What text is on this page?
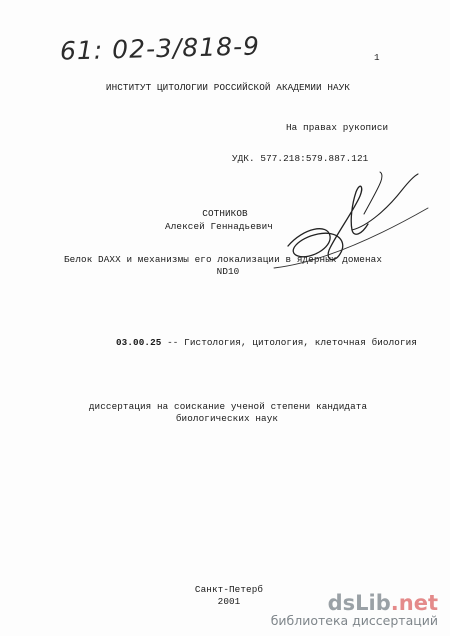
61: 02-3/818-9	1
ИНСТИТУТ ЦИТОЛОГИИ РОССИЙСКОЙ АКАДЕМИИ НАУК
На правах рукописи
УДК. 577.218:579.887.121
СОТНИКОВ
Алексей Геннадьевич
Белок DAXX и механизмы его локализации в ядерных доменах
ND10
03.00.25 -- Гистология, цитология, клеточная биология
диссертация на соискание ученой степени кандидата
биологических наук
Санкт-Петерб
2001	dsLib.net
библиотека диссертаций
